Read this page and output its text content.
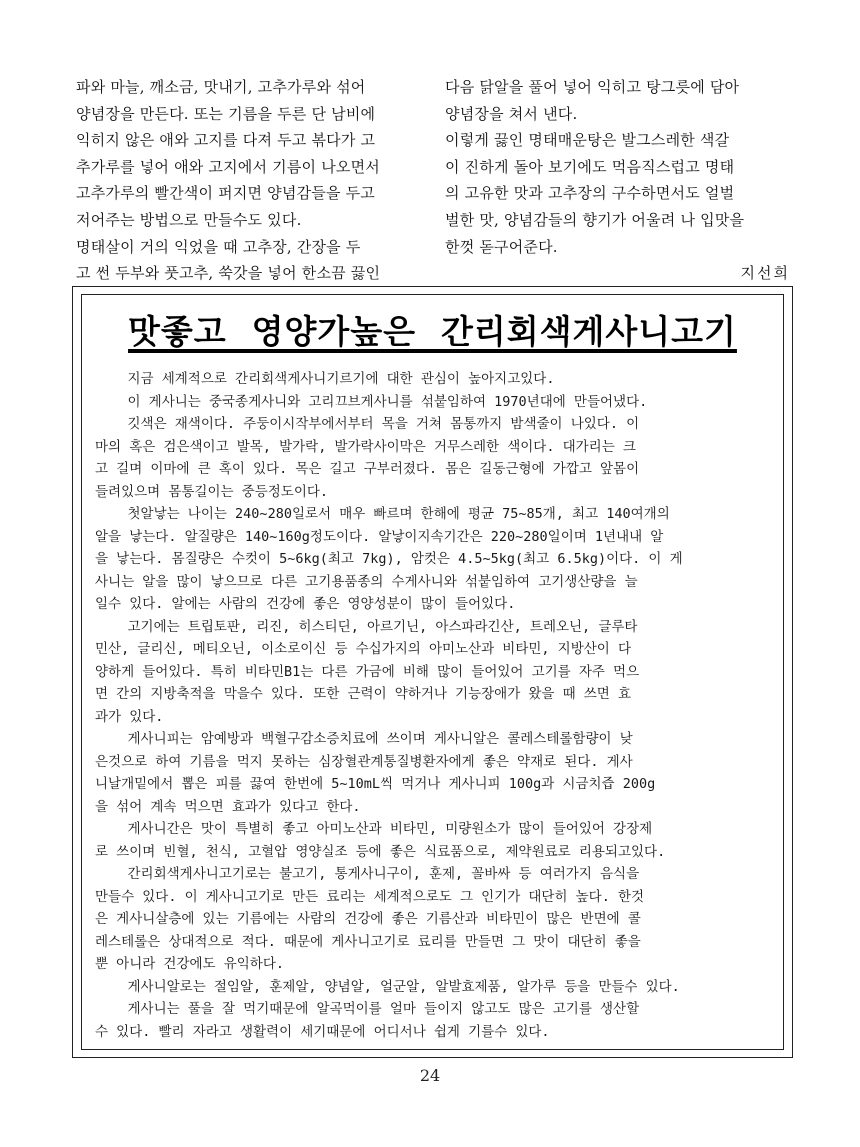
파와 마늘, 깨소금, 맛내기, 고추가루와 섞어
양념장을 만든다. 또는 기름을 두른 단 남비에
익히지 않은 애와 고지를 다져 두고 볶다가 고
추가루를 넣어 애와 고지에서 기름이 나오면서
고추가루의 빨간색이 퍼지면 양념감들을 두고
저어주는 방법으로 만들수도 있다.
명태살이 거의 익었을 때 고추장, 간장을 두
고 썬 두부와 풋고추, 쑥갓을 넣어 한소끔 끓인
다음 닭알을 풀어 넣어 익히고 탕그릇에 담아
양념장을 쳐서 낸다.
이렇게 끓인 명태매운탕은 발그스레한 색갈
이 진하게 돌아 보기에도 먹음직스럽고 명태
의 고유한 맛과 고추장의 구수하면서도 얼벌
벌한 맛, 양념감들의 향기가 어울려 나 입맛을
한껏 돋구어준다.
지선희
맛좋고  영양가높은  간리회색게사니고기
지금 세계적으로 간리회색게사니기르기에 대한 관심이 높아지고있다.
이 게사니는 중국종게사니와 고리끄브게사니를 섞붙임하여 1970년대에 만들어냈다.
깃색은 재색이다. 주둥이시작부에서부터 목을 거쳐 몸통까지 밤색줄이 나있다. 이
마의 혹은 검은색이고 발목, 발가락, 발가락사이막은 거무스레한 색이다. 대가리는 크
고 길며 이마에 큰 혹이 있다. 목은 길고 구부러졌다. 몸은 길동근형에 가깝고 앞몸이
들려있으며 몸통길이는 중등정도이다.
첫알낳는 나이는 240~280일로서 매우 빠르며 한해에 평균 75~85개, 최고 140여개의
알을 낳는다. 알질량은 140~160g정도이다. 알낳이지속기간은 220~280일이며 1년내내 알
을 낳는다. 몸질량은 수컷이 5~6kg(최고 7kg), 암컷은 4.5~5kg(최고 6.5kg)이다. 이 게
사니는 알을 많이 낳으므로 다른 고기용품종의 수게사니와 섞붙임하여 고기생산량을 늘
일수 있다. 알에는 사람의 건강에 좋은 영양성분이 많이 들어있다.
고기에는 트립토판, 리진, 히스티딘, 아르기닌, 아스파라긴산, 트레오닌, 글루타
민산, 글리신, 메티오닌, 이소로이신 등 수십가지의 아미노산과 비타민, 지방산이 다
양하게 들어있다. 특히 비타민B1는 다른 가금에 비해 많이 들어있어 고기를 자주 먹으
면 간의 지방축적을 막을수 있다. 또한 근력이 약하거나 기능장애가 왔을 때 쓰면 효
과가 있다.
게사니피는 암예방과 백혈구감소증치료에 쓰이며 게사니알은 콜레스테롤함량이 낮
은것으로 하여 기름을 먹지 못하는 심장혈관계통질병환자에게 좋은 약재로 된다. 게사
니날개밑에서 뽑은 피를 끓여 한번에 5~10mL씩 먹거나 게사니피 100g과 시금치즙 200g
을 섞어 계속 먹으면 효과가 있다고 한다.
게사니간은 맛이 특별히 좋고 아미노산과 비타민, 미량원소가 많이 들어있어 강장제
로 쓰이며 빈혈, 천식, 고혈압 영양실조 등에 좋은 식료품으로, 제약원료로 리용되고있다.
간리회색게사니고기로는 불고기, 통게사니구이, 훈제, 꼴바싸 등 여러가지 음식을
만들수 있다. 이 게사니고기로 만든 료리는 세계적으로도 그 인기가 대단히 높다. 한것
은 게사니살층에 있는 기름에는 사람의 건강에 좋은 기름산과 비타민이 많은 반면에 콜
레스테롤은 상대적으로 적다. 때문에 게사니고기로 료리를 만들면 그 맛이 대단히 좋을
뿐 아니라 건강에도 유익하다.
게사니알로는 절임알, 훈제알, 양념알, 얼군알, 알발효제품, 알가루 등을 만들수 있다.
게사니는 풀을 잘 먹기때문에 알곡먹이를 얼마 들이지 않고도 많은 고기를 생산할
수 있다. 빨리 자라고 생활력이 세기때문에 어디서나 쉽게 기를수 있다.
24
